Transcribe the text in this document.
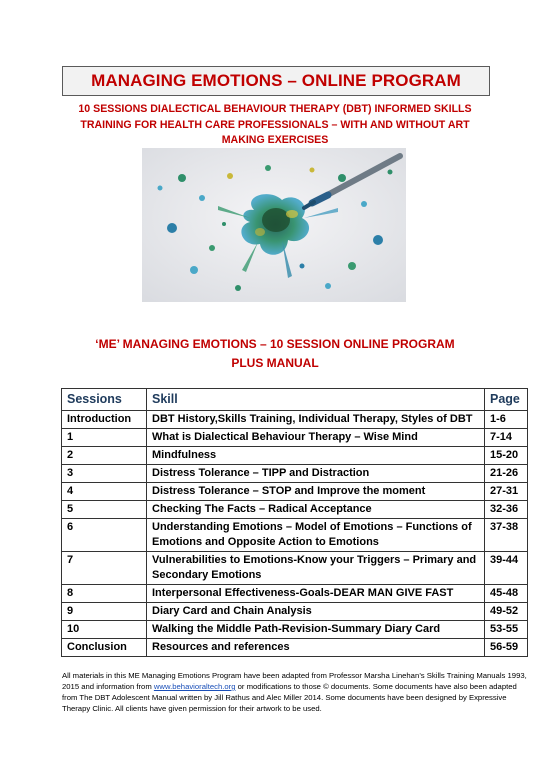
MANAGING EMOTIONS – ONLINE PROGRAM
10 SESSIONS DIALECTICAL BEHAVIOUR THERAPY (DBT) INFORMED SKILLS TRAINING FOR HEALTH CARE PROFESSIONALS – WITH AND WITHOUT ART MAKING EXERCISES
‘ME’ MANAGING EMOTIONS – 10 SESSION ONLINE PROGRAM
PLUS MANUAL
Sessions	Skill	Page
Introduction	DBT History,Skills Training, Individual Therapy, Styles of DBT	1-6
1	What is Dialectical Behaviour Therapy – Wise Mind	7-14
2	Mindfulness	15-20
3	Distress Tolerance – TIPP and Distraction	21-26
4	Distress Tolerance – STOP and Improve the moment	27-31
5	Checking The Facts – Radical Acceptance	32-36
6	Understanding Emotions – Model of Emotions – Functions of Emotions and Opposite Action to Emotions	37-38
7	Vulnerabilities to Emotions-Know your Triggers – Primary and Secondary Emotions	39-44
8	Interpersonal Effectiveness-Goals-DEAR MAN GIVE FAST	45-48
9	Diary Card and Chain Analysis	49-52
10	Walking the Middle Path-Revision-Summary Diary Card	53-55
Conclusion	Resources and references	56-59
All materials in this ME Managing Emotions Program have been adapted from Professor Marsha Linehan’s Skills Training Manuals 1993, 2015 and information from www.behavioraltech.org or modifications to those © documents. Some documents have also been adapted from The DBT Adolescent Manual written by Jill Rathus and Alec Miller 2014. Some documents have been designed by Expressive Therapy Clinic. All clients have given permission for their artwork to be used.
